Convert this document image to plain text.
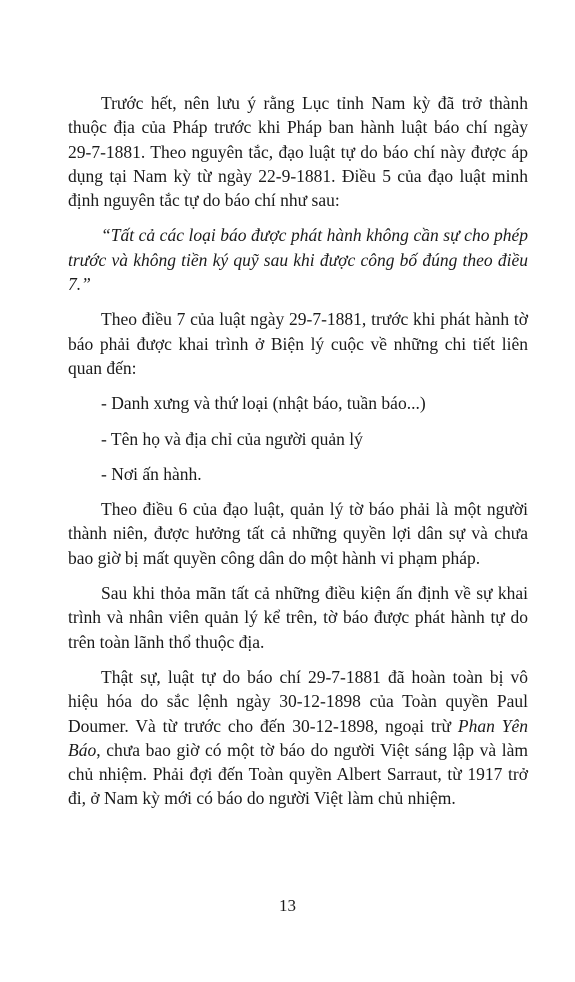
Trước hết, nên lưu ý rằng Lục tỉnh Nam kỳ đã trở thành thuộc địa của Pháp trước khi Pháp ban hành luật báo chí ngày 29-7-1881. Theo nguyên tắc, đạo luật tự do báo chí này được áp dụng tại Nam kỳ từ ngày 22-9-1881. Điều 5 của đạo luật minh định nguyên tắc tự do báo chí như sau:

“Tất cả các loại báo được phát hành không cần sự cho phép trước và không tiền ký quỹ sau khi được công bố đúng theo điều 7.”

Theo điều 7 của luật ngày 29-7-1881, trước khi phát hành tờ báo phải được khai trình ở Biện lý cuộc về những chi tiết liên quan đến:

- Danh xưng và thứ loại (nhật báo, tuần báo...)

- Tên họ và địa chỉ của người quản lý

- Nơi ấn hành.

Theo điều 6 của đạo luật, quản lý tờ báo phải là một người thành niên, được hưởng tất cả những quyền lợi dân sự và chưa bao giờ bị mất quyền công dân do một hành vi phạm pháp.

Sau khi thỏa mãn tất cả những điều kiện ấn định về sự khai trình và nhân viên quản lý kể trên, tờ báo được phát hành tự do trên toàn lãnh thổ thuộc địa.

Thật sự, luật tự do báo chí 29-7-1881 đã hoàn toàn bị vô hiệu hóa do sắc lệnh ngày 30-12-1898 của Toàn quyền Paul Doumer. Và từ trước cho đến 30-12-1898, ngoại trừ Phan Yên Báo, chưa bao giờ có một tờ báo do người Việt sáng lập và làm chủ nhiệm. Phải đợi đến Toàn quyền Albert Sarraut, từ 1917 trở đi, ở Nam kỳ mới có báo do người Việt làm chủ nhiệm.

13
